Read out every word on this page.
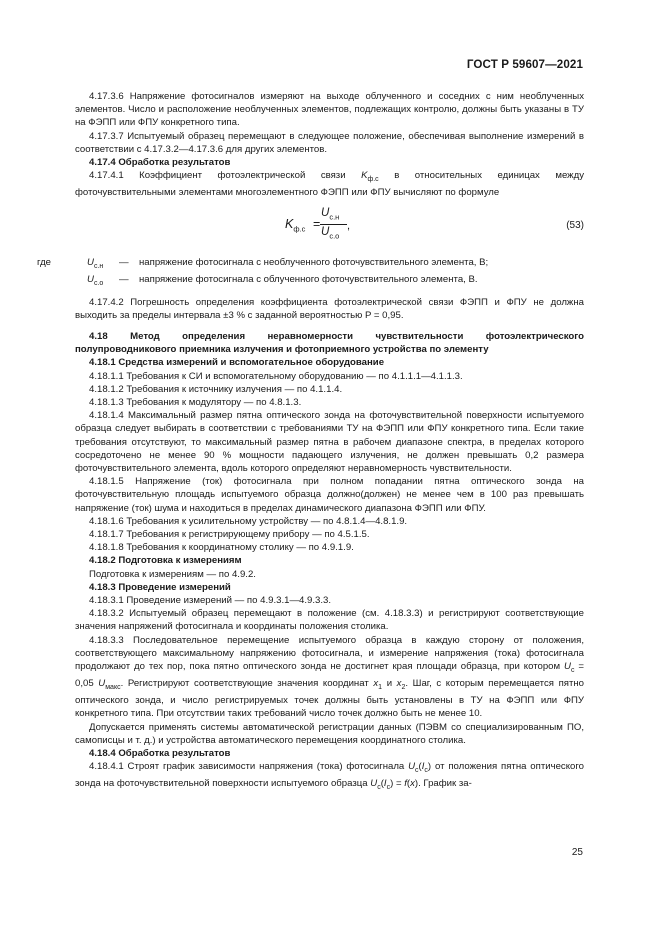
ГОСТ Р 59607—2021

4.17.3.6 Напряжение фотосигналов измеряют на выходе облученного и соседних с ним необлученных элементов. Число и расположение необлученных элементов, подлежащих контролю, должны быть указаны в ТУ на ФЭПП или ФПУ конкретного типа.

4.17.3.7 Испытуемый образец перемещают в следующее положение, обеспечивая выполнение измерений в соответствии с 4.17.3.2—4.17.3.6 для других элементов.

4.17.4 Обработка результатов

4.17.4.1 Коэффициент фотоэлектрической связи $K_{ф.с}$ в относительных единицах между фоточувствительными элементами многоэлементного ФЭПП или ФПУ вычисляют по формуле

$K_{ф.с}$ =
$U_{с.н}$
$U_{с.о}$
,	(53)
где	$U_{с.н}$	—	напряжение фотосигнала с необлученного фоточувствительного элемента, В;
$U_{с.о}$	—	напряжение фотосигнала с облученного фоточувствительного элемента, В.

4.17.4.2 Погрешность определения коэффициента фотоэлектрической связи ФЭПП и ФПУ не должна выходить за пределы интервала ±3 % с заданной вероятностью P = 0,95.

4.18 Метод определения неравномерности чувствительности фотоэлектрического полупроводникового приемника излучения и фотоприемного устройства по элементу

4.18.1 Средства измерений и вспомогательное оборудование

4.18.1.1 Требования к СИ и вспомогательному оборудованию — по 4.1.1.1—4.1.1.3.

4.18.1.2 Требования к источнику излучения — по 4.1.1.4.

4.18.1.3 Требования к модулятору — по 4.8.1.3.

4.18.1.4 Максимальный размер пятна оптического зонда на фоточувствительной поверхности испытуемого образца следует выбирать в соответствии с требованиями ТУ на ФЭПП или ФПУ конкретного типа. Если такие требования отсутствуют, то максимальный размер пятна в рабочем диапазоне спектра, в пределах которого сосредоточено не менее 90 % мощности падающего излучения, не должен превышать 0,2 размера фоточувствительного элемента, вдоль которого определяют неравномерность чувствительности.

4.18.1.5 Напряжение (ток) фотосигнала при полном попадании пятна оптического зонда на фоточувствительную площадь испытуемого образца должно(должен) не менее чем в 100 раз превышать напряжение (ток) шума и находиться в пределах динамического диапазона ФЭПП или ФПУ.

4.18.1.6 Требования к усилительному устройству — по 4.8.1.4—4.8.1.9.

4.18.1.7 Требования к регистрирующему прибору — по 4.5.1.5.

4.18.1.8 Требования к координатному столику — по 4.9.1.9.

4.18.2 Подготовка к измерениям

Подготовка к измерениям — по 4.9.2.

4.18.3 Проведение измерений

4.18.3.1 Проведение измерений — по 4.9.3.1—4.9.3.3.

4.18.3.2 Испытуемый образец перемещают в положение (см. 4.18.3.3) и регистрируют соответствующие значения напряжений фотосигнала и координаты положения столика.

4.18.3.3 Последовательное перемещение испытуемого образца в каждую сторону от положения, соответствующего максимальному напряжению фотосигнала, и измерение напряжения (тока) фотосигнала продолжают до тех пор, пока пятно оптического зонда не достигнет края площади образца, при котором $U_с = 0,05$ $U_{макс}$. Регистрируют соответствующие значения координат $x_1$ и $x_2$. Шаг, с которым перемещается пятно оптического зонда, и число регистрируемых точек должны быть установлены в ТУ на ФЭПП или ФПУ конкретного типа. При отсутствии таких требований число точек должно быть не менее 10.

Допускается применять системы автоматической регистрации данных (ПЭВМ со специализированным ПО, самописцы и т. д.) и устройства автоматического перемещения координатного столика.

4.18.4 Обработка результатов

4.18.4.1 Строят график зависимости напряжения (тока) фотосигнала $U_с(I_с)$ от положения пятна оптического зонда на фоточувствительной поверхности испытуемого образца $U_с(I_с) = f(x)$. График за-

25
